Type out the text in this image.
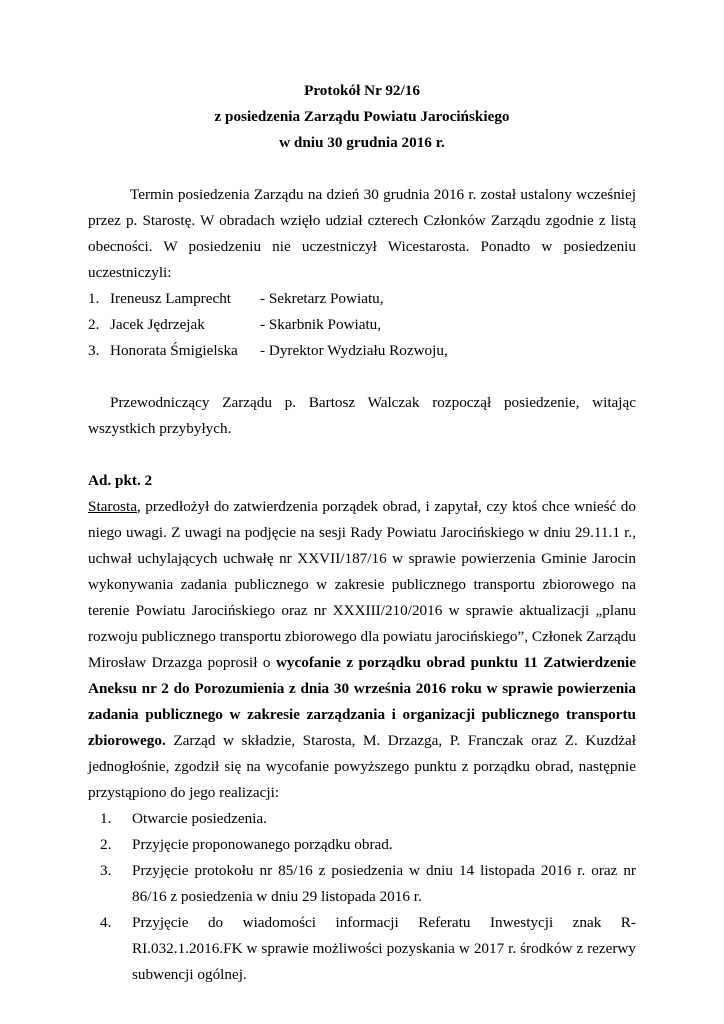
Protokół Nr 92/16
z posiedzenia Zarządu Powiatu Jarocińskiego
w dniu 30 grudnia 2016 r.

Termin posiedzenia Zarządu na dzień 30 grudnia 2016 r. został ustalony wcześniej przez p. Starostę. W obradach wzięło udział czterech Członków Zarządu zgodnie z listą obecności. W posiedzeniu nie uczestniczył Wicestarosta. Ponadto w posiedzeniu uczestniczyli:

1. Ireneusz Lamprecht	- Sekretarz Powiatu,
2. Jacek Jędrzejak	- Skarbnik Powiatu,
3. Honorata Śmigielska	- Dyrektor Wydziału Rozwoju,

Przewodniczący Zarządu p. Bartosz Walczak rozpoczął posiedzenie, witając wszystkich przybyłych.

Ad. pkt. 2

Starosta, przedłożył do zatwierdzenia porządek obrad, i zapytał, czy ktoś chce wnieść do niego uwagi. Z uwagi na podjęcie na sesji Rady Powiatu Jarocińskiego w dniu 29.11.1 r., uchwał uchylających uchwałę nr XXVII/187/16 w sprawie powierzenia Gminie Jarocin wykonywania zadania publicznego w zakresie publicznego transportu zbiorowego na terenie Powiatu Jarocińskiego oraz nr XXXIII/210/2016 w sprawie aktualizacji „planu rozwoju publicznego transportu zbiorowego dla powiatu jarocińskiego”, Członek Zarządu Mirosław Drzazga poprosił o wycofanie z porządku obrad punktu 11 Zatwierdzenie Aneksu nr 2 do Porozumienia z dnia 30 września 2016 roku w sprawie powierzenia zadania publicznego w zakresie zarządzania i organizacji publicznego transportu zbiorowego. Zarząd w składzie, Starosta, M. Drzazga, P. Franczak oraz Z. Kuzdżał jednogłośnie, zgodził się na wycofanie powyższego punktu z porządku obrad, następnie przystąpiono do jego realizacji:

1.	Otwarcie posiedzenia.
2.	Przyjęcie proponowanego porządku obrad.
3.	Przyjęcie protokołu nr 85/16 z posiedzenia w dniu 14 listopada 2016 r. oraz nr 86/16 z posiedzenia w dniu 29 listopada 2016 r.
4.	Przyjęcie do wiadomości informacji Referatu Inwestycji znak R-RI.032.1.2016.FK w sprawie możliwości pozyskania w 2017 r. środków z rezerwy subwencji ogólnej.
